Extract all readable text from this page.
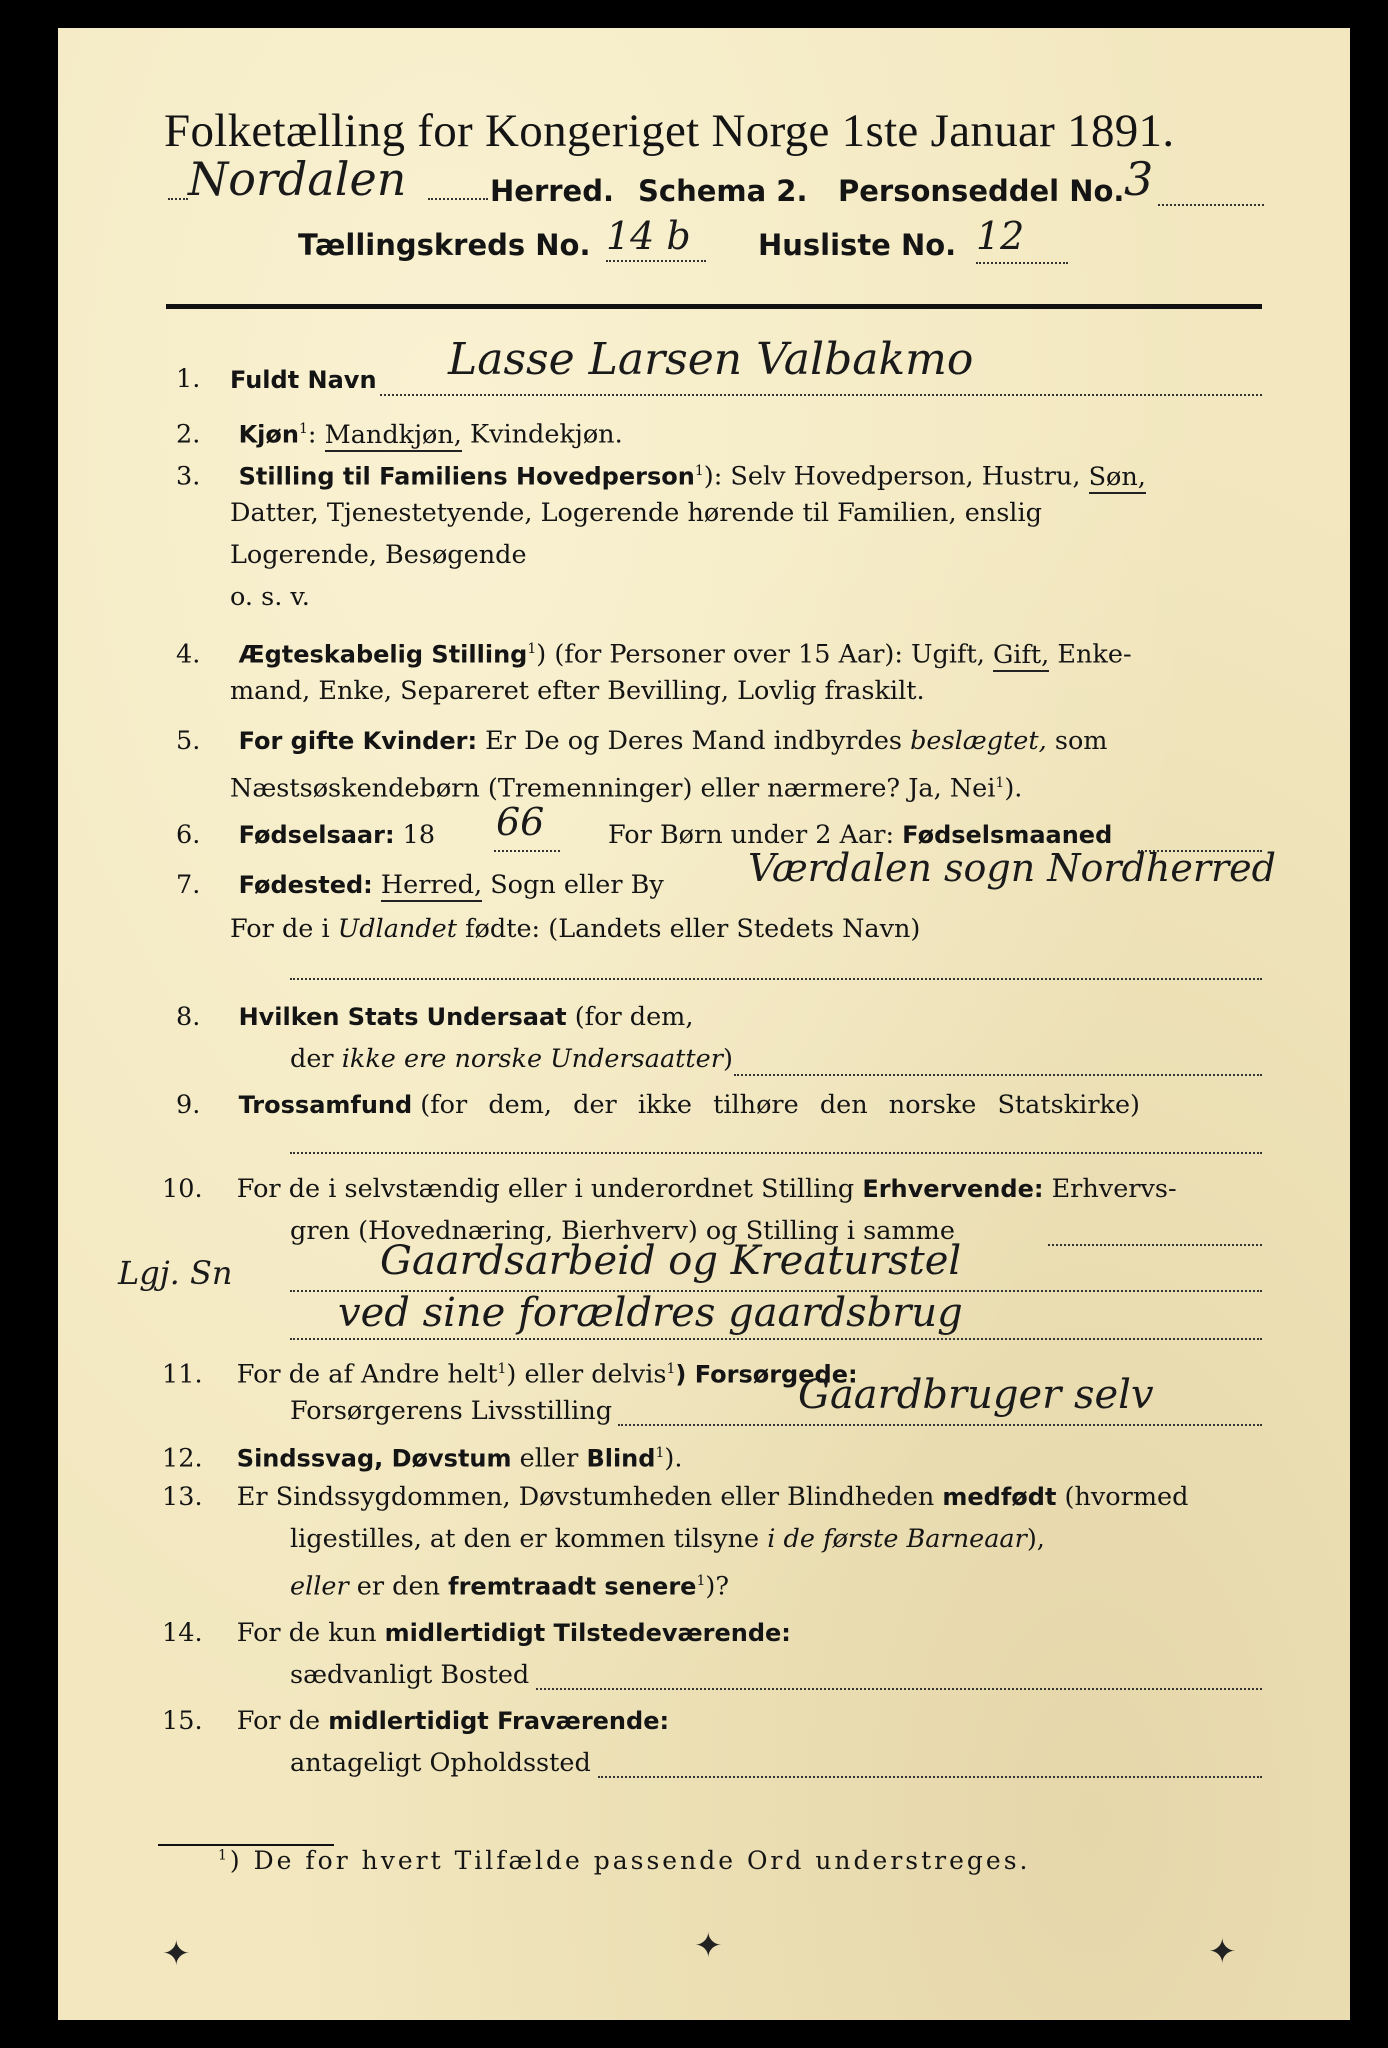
Folketælling for Kongeriget Norge 1ste Januar 1891.
Nordalen	Herred. Schema 2. Personseddel No. 3
Tællingskreds No. 14 b Husliste No. 12
1. Fuldt Navn Lasse Larsen Valbakmo
2. Kjøn$^1$: Mandkjøn, Kvindekjøn.
3. Stilling til Familiens Hovedperson$^1$): Selv Hovedperson, Hustru, Søn,
Datter, Tjenestetyende, Logerende hørende til Familien, enslig
Logerende, Besøgende
o. s. v.
4. Ægteskabelig Stilling$^1$) (for Personer over 15 Aar): Ugift, Gift, Enke-
mand, Enke, Separeret efter Bevilling, Lovlig fraskilt.
5. For gifte Kvinder: Er De og Deres Mand indbyrdes beslægtet, som
Næstsøskendebørn (Tremenninger) eller nærmere? Ja, Nei$^1$).
6. Fødselsaar: 18 66 For Børn under 2 Aar: Fødselsmaaned
7. Fødested: Herred, Sogn eller By Værdalen sogn Nordherred
For de i Udlandet fødte: (Landets eller Stedets Navn)
8. Hvilken Stats Undersaat (for dem,
der ikke ere norske Undersaatter)
9. Trossamfund (for dem, der ikke tilhøre den norske Statskirke)
10. For de i selvstændig eller i underordnet Stilling Erhvervende: Erhvervs-
gren (Hovednæring, Bierhverv) og Stilling i samme
Lgj. Sn	Gaardsarbeid og Kreaturstel
ved sine forældres gaardsbrug
11. For de af Andre helt$^1$) eller delvis$^1$) Forsørgede:
Forsørgerens Livsstilling	Gaardbruger selv
12. Sindssvag, Døvstum eller Blind$^1$).
13. Er Sindssygdommen, Døvstumheden eller Blindheden medfødt (hvormed
ligestilles, at den er kommen tilsyne i de første Barneaar),
eller er den fremtraadt senere$^1$)?
14. For de kun midlertidigt Tilstedeværende:
sædvanligt Bosted
15. For de midlertidigt Fraværende:
antageligt Opholdssted
$^1$) De for hvert Tilfælde passende Ord understreges.
✦	✦	✦
